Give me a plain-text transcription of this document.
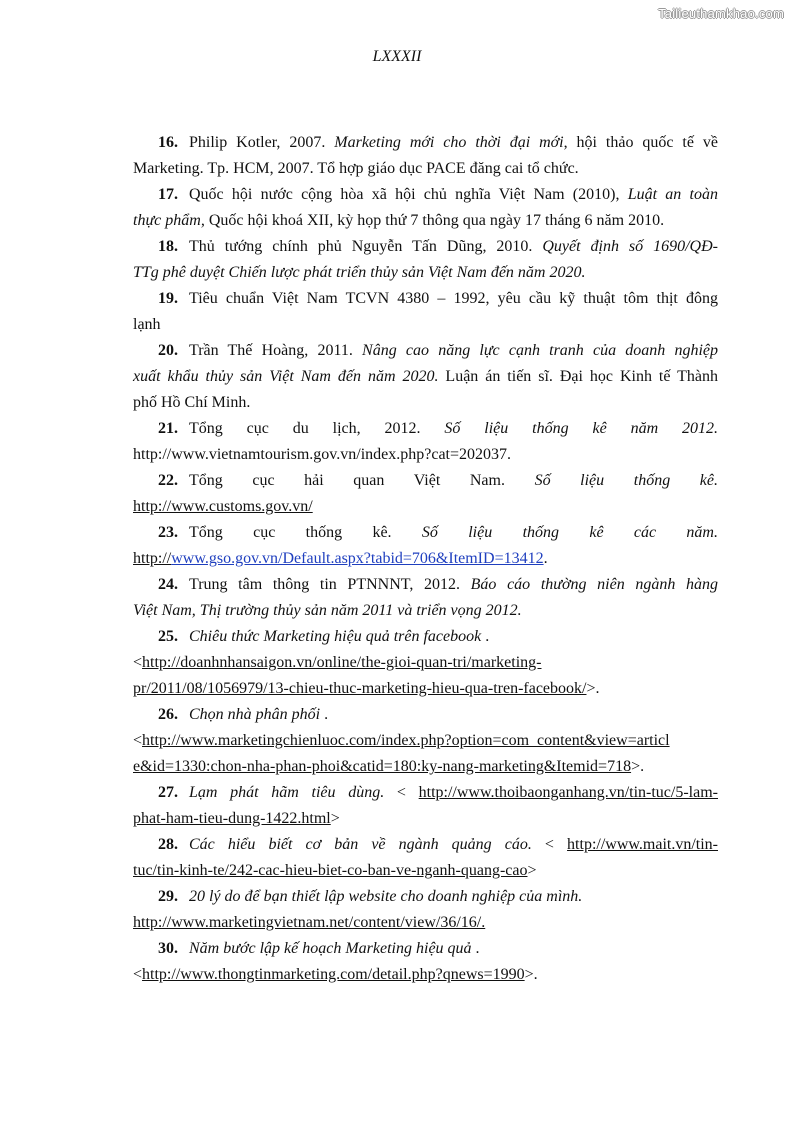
Tailieuthamkhao.com
LXXXII

16. Philip Kotler, 2007. Marketing mới cho thời đại mới, hội thảo quốc tế về

Marketing. Tp. HCM, 2007. Tổ hợp giáo dục PACE đăng cai tổ chức.

17. Quốc hội nước cộng hòa xã hội chủ nghĩa Việt Nam (2010), Luật an toàn

thực phẩm, Quốc hội khoá XII, kỳ họp thứ 7 thông qua ngày 17 tháng 6 năm 2010.

18. Thủ tướng chính phủ Nguyễn Tấn Dũng, 2010. Quyết định số 1690/QĐ-

TTg phê duyệt Chiến lược phát triển thủy sản Việt Nam đến năm 2020.

19. Tiêu chuẩn Việt Nam TCVN 4380 – 1992, yêu cầu kỹ thuật tôm thịt đông

lạnh

20. Trần Thế Hoàng, 2011. Nâng cao năng lực cạnh tranh của doanh nghiệp

xuất khẩu thủy sản Việt Nam đến năm 2020. Luận án tiến sĩ. Đại học Kinh tế Thành

phố Hồ Chí Minh.

21. Tổng cục du lịch, 2012. Số liệu thống kê năm 2012.

http://www.vietnamtourism.gov.vn/index.php?cat=202037.

22. Tổng cục hải quan Việt Nam. Số liệu thống kê.

http://www.customs.gov.vn/

23. Tổng cục thống kê. Số liệu thống kê các năm.

http://www.gso.gov.vn/Default.aspx?tabid=706&ItemID=13412.

24. Trung tâm thông tin PTNNNT, 2012. Báo cáo thường niên ngành hàng

Việt Nam, Thị trường thủy sản năm 2011 và triển vọng 2012.

25. Chiêu thức Marketing hiệu quả trên facebook .

<http://doanhnhansaigon.vn/online/the-gioi-quan-tri/marketing-

pr/2011/08/1056979/13-chieu-thuc-marketing-hieu-qua-tren-facebook/>.

26. Chọn nhà phân phối .

<http://www.marketingchienluoc.com/index.php?option=com_content&view=articl

e&id=1330:chon-nha-phan-phoi&catid=180:ky-nang-marketing&Itemid=718>.

27. Lạm phát hãm tiêu dùng. < http://www.thoibaonganhang.vn/tin-tuc/5-lam-

phat-ham-tieu-dung-1422.html>

28. Các hiểu biết cơ bản về ngành quảng cáo. < http://www.mait.vn/tin-

tuc/tin-kinh-te/242-cac-hieu-biet-co-ban-ve-nganh-quang-cao>

29. 20 lý do để bạn thiết lập website cho doanh nghiệp của mình.

http://www.marketingvietnam.net/content/view/36/16/.

30. Năm bước lập kế hoạch Marketing hiệu quả .

<http://www.thongtinmarketing.com/detail.php?qnews=1990>.
